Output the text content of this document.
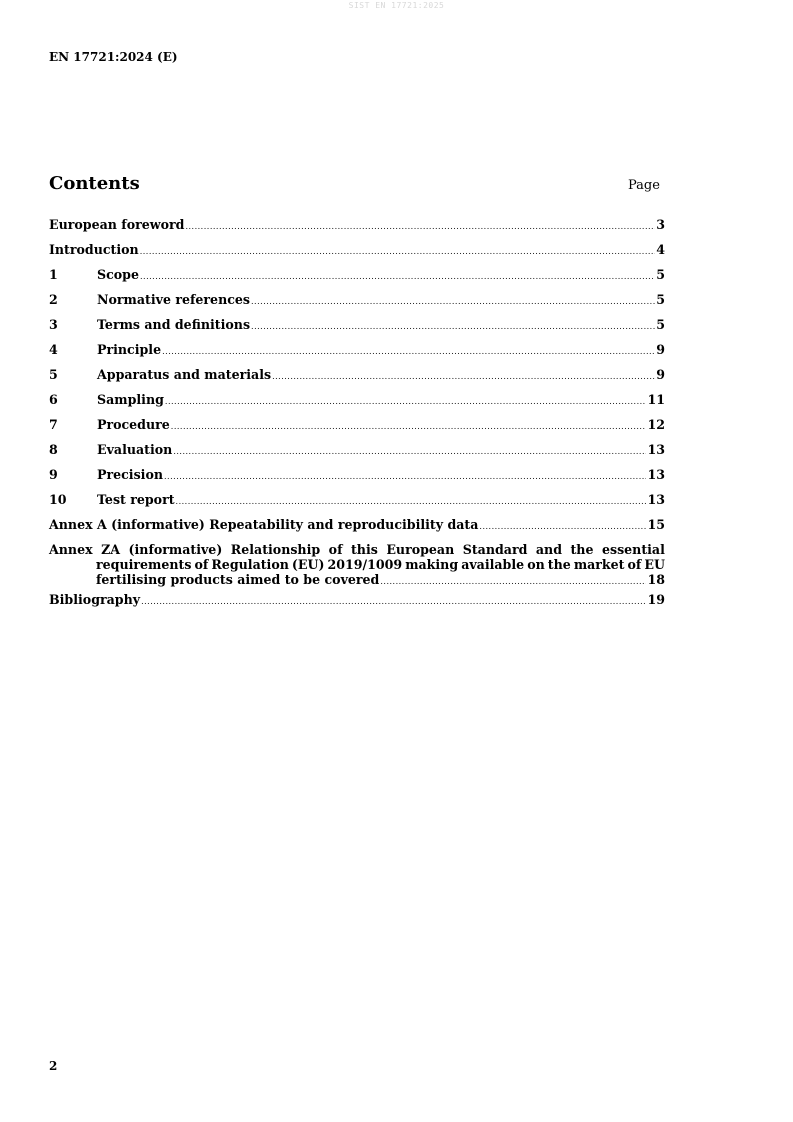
SIST EN 17721:2025
EN 17721:2024 (E)
Contents	Page
European foreword .....	3
Introduction .....	4
1	Scope .....	5
2	Normative references .....	5
3	Terms and definitions .....	5
4	Principle .....	9
5	Apparatus and materials .....	9
6	Sampling .....	11
7	Procedure .....	12
8	Evaluation .....	13
9	Precision .....	13
10	Test report .....	13
Annex A (informative) Repeatability and reproducibility data .....	15
Annex ZA (informative) Relationship of this European Standard and the essential
requirements of Regulation (EU) 2019/1009 making available on the market of EU
fertilising products aimed to be covered .....	18
Bibliography .....	19
2
